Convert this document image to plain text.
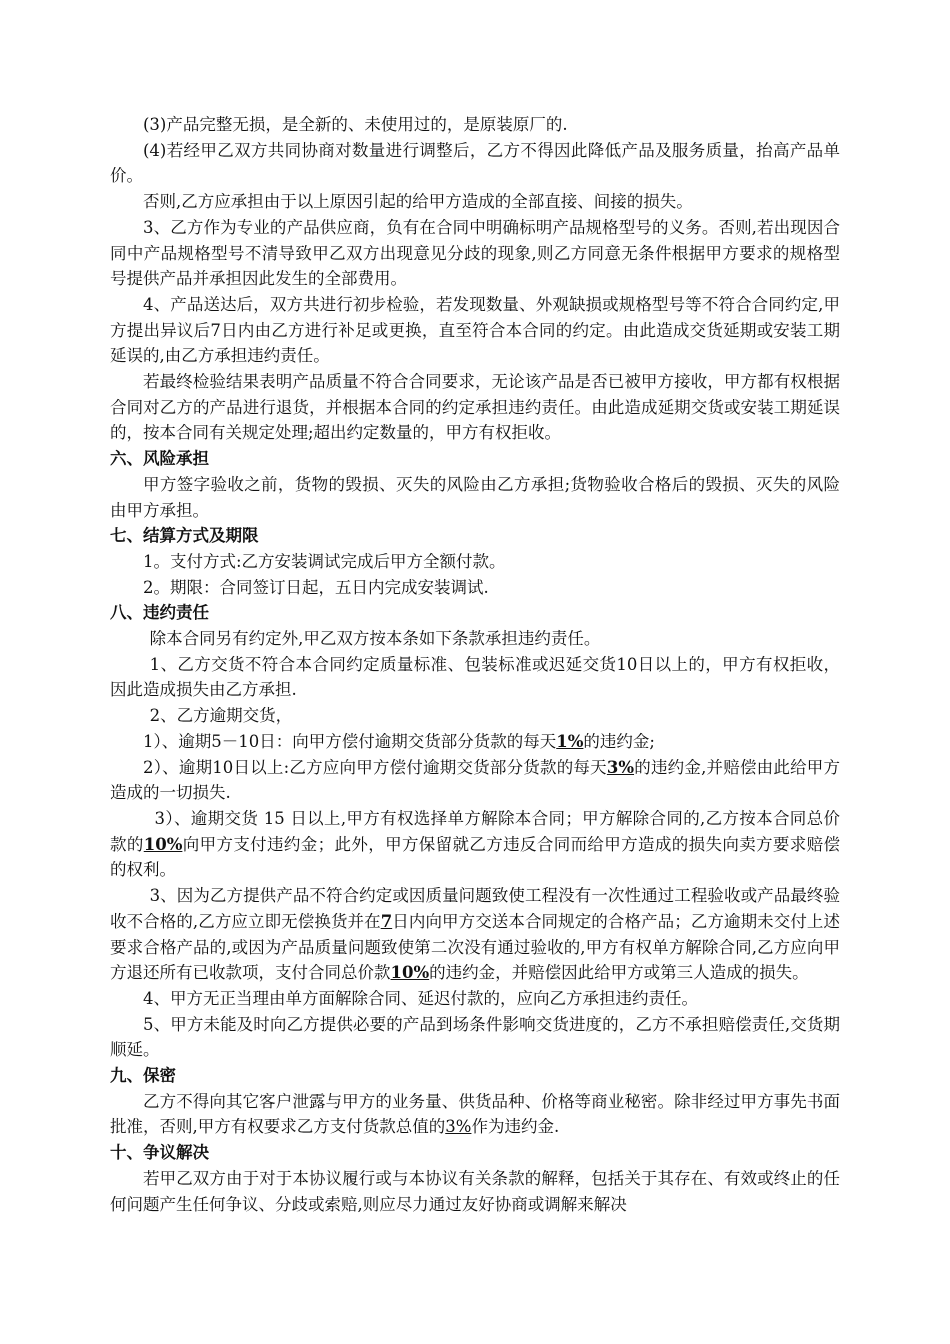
(3)产品完整无损，是全新的、未使用过的，是原装原厂的.

(4)若经甲乙双方共同协商对数量进行调整后，乙方不得因此降低产品及服务质量，抬高产品单价。

否则,乙方应承担由于以上原因引起的给甲方造成的全部直接、间接的损失。

3、乙方作为专业的产品供应商，负有在合同中明确标明产品规格型号的义务。否则,若出现因合同中产品规格型号不清导致甲乙双方出现意见分歧的现象,则乙方同意无条件根据甲方要求的规格型号提供产品并承担因此发生的全部费用。

4、产品送达后，双方共进行初步检验，若发现数量、外观缺损或规格型号等不符合合同约定,甲方提出异议后7日内由乙方进行补足或更换，直至符合本合同的约定。由此造成交货延期或安装工期延误的,由乙方承担违约责任。

若最终检验结果表明产品质量不符合合同要求，无论该产品是否已被甲方接收，甲方都有权根据合同对乙方的产品进行退货，并根据本合同的约定承担违约责任。由此造成延期交货或安装工期延误的，按本合同有关规定处理;超出约定数量的，甲方有权拒收。

六、风险承担

甲方签字验收之前，货物的毁损、灭失的风险由乙方承担;货物验收合格后的毁损、灭失的风险由甲方承担。

七、结算方式及期限

1。支付方式:乙方安装调试完成后甲方全额付款。

2。期限：合同签订日起，五日内完成安装调试.

八、违约责任

除本合同另有约定外,甲乙双方按本条如下条款承担违约责任。

1、乙方交货不符合本合同约定质量标准、包装标准或迟延交货10日以上的，甲方有权拒收，因此造成损失由乙方承担.

2、乙方逾期交货，

1）、逾期5－10日：向甲方偿付逾期交货部分货款的每天1%的违约金;

2）、逾期10日以上:乙方应向甲方偿付逾期交货部分货款的每天3%的违约金,并赔偿由此给甲方造成的一切损失.

3）、逾期交货 15 日以上,甲方有权选择单方解除本合同；甲方解除合同的,乙方按本合同总价款的10%向甲方支付违约金；此外，甲方保留就乙方违反合同而给甲方造成的损失向卖方要求赔偿的权利。

3、因为乙方提供产品不符合约定或因质量问题致使工程没有一次性通过工程验收或产品最终验收不合格的,乙方应立即无偿换货并在7日内向甲方交送本合同规定的合格产品；乙方逾期未交付上述要求合格产品的,或因为产品质量问题致使第二次没有通过验收的,甲方有权单方解除合同,乙方应向甲方退还所有已收款项，支付合同总价款10%的违约金，并赔偿因此给甲方或第三人造成的损失。

4、甲方无正当理由单方面解除合同、延迟付款的，应向乙方承担违约责任。

5、甲方未能及时向乙方提供必要的产品到场条件影响交货进度的，乙方不承担赔偿责任,交货期顺延。

九、保密

乙方不得向其它客户泄露与甲方的业务量、供货品种、价格等商业秘密。除非经过甲方事先书面批准，否则,甲方有权要求乙方支付货款总值的3%作为违约金.

十、争议解决

若甲乙双方由于对于本协议履行或与本协议有关条款的解释，包括关于其存在、有效或终止的任何问题产生任何争议、分歧或索赔,则应尽力通过友好协商或调解来解决
